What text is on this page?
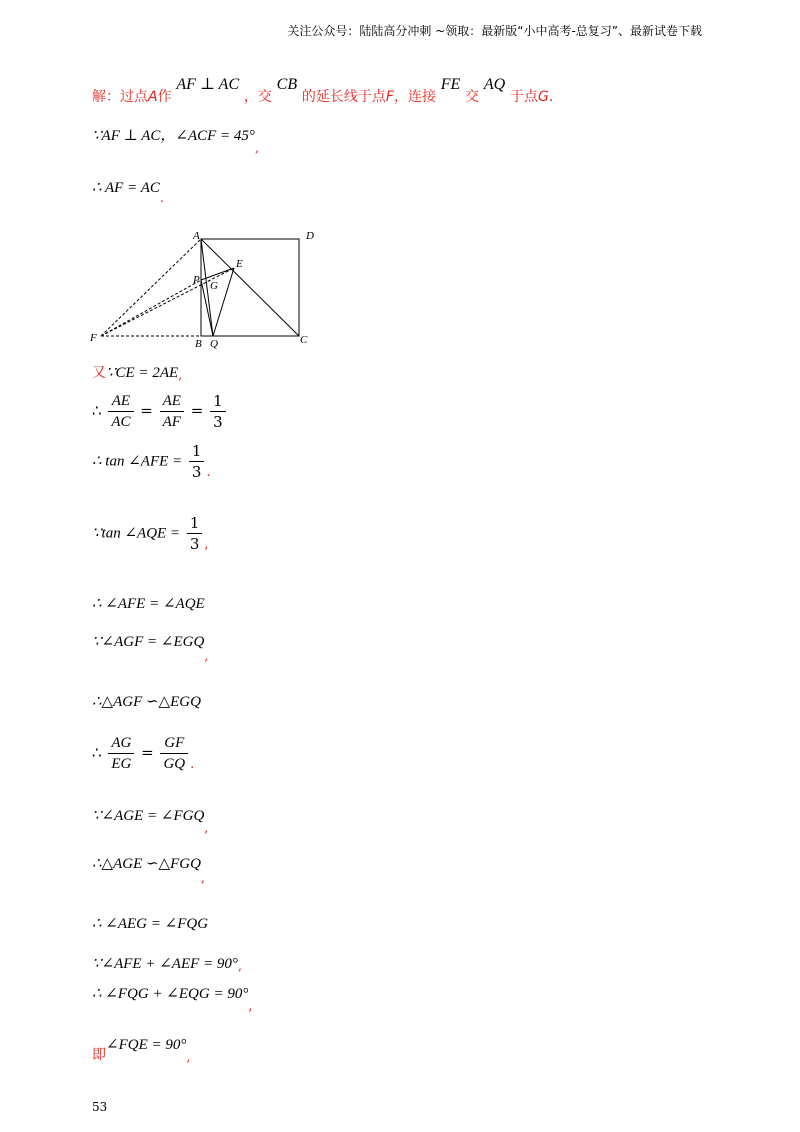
关注公众号：陆陆高分冲刺 ~领取：最新版“小中高考-总复习”、最新试卷下载
解：过点A作 AF ⊥ AC ，交 CB 的延长线于点F，连接 FE 交 AQ 于点G.
∵AF ⊥ AC，∠ACF = 45°,
∴ AF = AC.
A	D
E
P G
F	B Q	C
又∵CE = 2AE,
∴ $\frac{AE}{AC} = \frac{AE}{AF} = \frac{1}{3}$
∴ tan ∠AFE = $\frac{1}{3}$ .
∵tan ∠AQE = $\frac{1}{3}$ ,
∴ ∠AFE = ∠AQE
∵∠AGF = ∠EGQ,
∴△AGF ∽△EGQ
∴ $\frac{AG}{EG} = \frac{GF}{GQ}$ .
∵∠AGE = ∠FGQ,
∴△AGE ∽△FGQ,
∴ ∠AEG = ∠FQG
∵∠AFE + ∠AEF = 90°,
∴ ∠FQG + ∠EQG = 90°,
即∠FQE = 90°,
53
